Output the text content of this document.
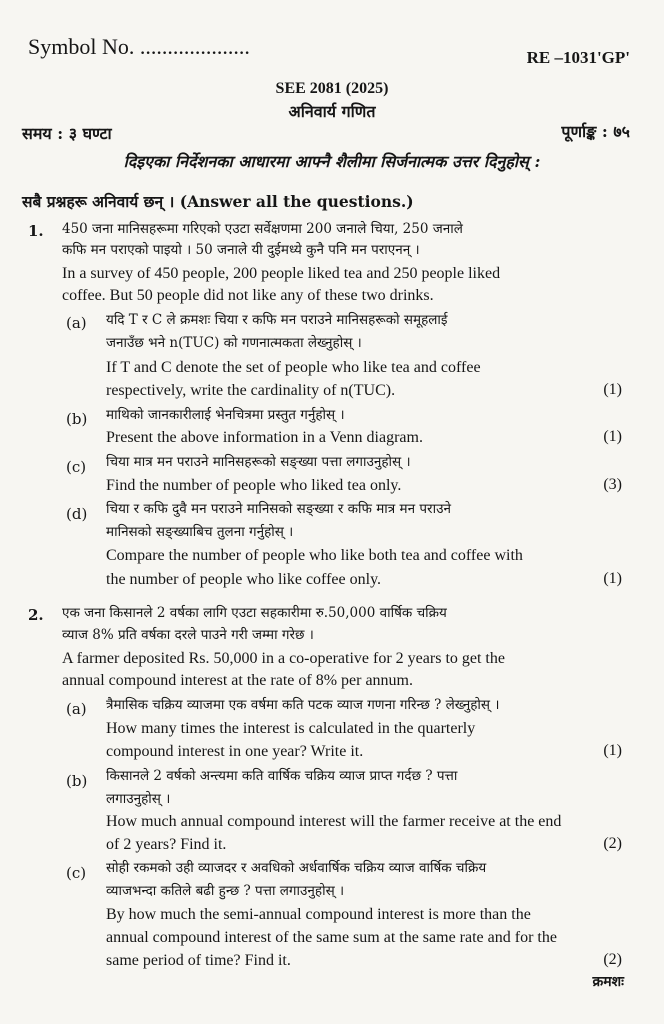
Symbol No. ....................	RE –1031'GP'
SEE 2081 (2025)
अनिवार्य गणित
समय : ३ घण्टा	पूर्णाङ्क : ७५
दिइएका निर्देशनका आधारमा आफ्नै शैलीमा सिर्जनात्मक उत्तर दिनुहोस् :
सबै प्रश्नहरू अनिवार्य छन् । (Answer all the questions.)
1. 450 जना मानिसहरूमा गरिएको एउटा सर्वेक्षणमा 200 जनाले चिया, 250 जनाले
कफि मन पराएको पाइयो । 50 जनाले यी दुईमध्ये कुनै पनि मन पराएनन् ।
In a survey of 450 people, 200 people liked tea and 250 people liked
coffee. But 50 people did not like any of these two drinks.
(a) यदि T र C ले क्रमशः चिया र कफि मन पराउने मानिसहरूको समूहलाई
जनाउँछ भने n(TUC) को गणनात्मकता लेख्नुहोस् ।
If T and C denote the set of people who like tea and coffee
respectively, write the cardinality of n(TUC).	(1)
(b) माथिको जानकारीलाई भेनचित्रमा प्रस्तुत गर्नुहोस् ।
Present the above information in a Venn diagram.	(1)
(c) चिया मात्र मन पराउने मानिसहरूको सङ्ख्या पत्ता लगाउनुहोस् ।
Find the number of people who liked tea only.	(3)
(d) चिया र कफि दुवै मन पराउने मानिसको सङ्ख्या र कफि मात्र मन पराउने
मानिसको सङ्ख्याबिच तुलना गर्नुहोस् ।
Compare the number of people who like both tea and coffee with
the number of people who like coffee only.	(1)
2. एक जना किसानले 2 वर्षका लागि एउटा सहकारीमा रु.50,000 वार्षिक चक्रिय
व्याज 8% प्रति वर्षका दरले पाउने गरी जम्मा गरेछ ।
A farmer deposited Rs. 50,000 in a co-operative for 2 years to get the
annual compound interest at the rate of 8% per annum.
(a) त्रैमासिक चक्रिय व्याजमा एक वर्षमा कति पटक व्याज गणना गरिन्छ ? लेख्नुहोस् ।
How many times the interest is calculated in the quarterly
compound interest in one year? Write it.	(1)
(b) किसानले 2 वर्षको अन्त्यमा कति वार्षिक चक्रिय व्याज प्राप्त गर्दछ ? पत्ता
लगाउनुहोस् ।
How much annual compound interest will the farmer receive at the end
of 2 years? Find it.	(2)
(c) सोही रकमको उही व्याजदर र अवधिको अर्धवार्षिक चक्रिय व्याज वार्षिक चक्रिय
व्याजभन्दा कतिले बढी हुन्छ ? पत्ता लगाउनुहोस् ।
By how much the semi-annual compound interest is more than the
annual compound interest of the same sum at the same rate and for the
same period of time? Find it.	(2)
क्रमशः
